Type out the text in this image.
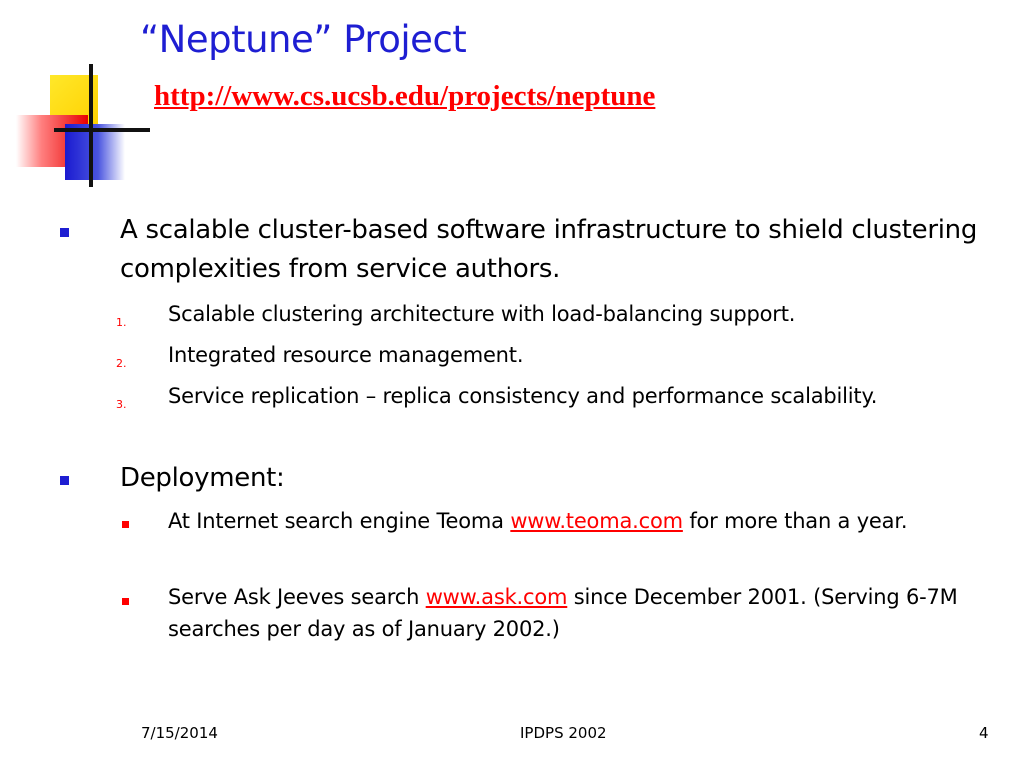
“Neptune” Project
http://www.cs.ucsb.edu/projects/neptune
A scalable cluster-based software infrastructure to shield clustering complexities from service authors.
1. Scalable clustering architecture with load-balancing support.
2. Integrated resource management.
3. Service replication – replica consistency and performance scalability.
Deployment:
At Internet search engine Teoma www.teoma.com for more than a year.
Serve Ask Jeeves search www.ask.com since December 2001. (Serving 6-7M searches per day as of January 2002.)
7/15/2014	IPDPS 2002	4
